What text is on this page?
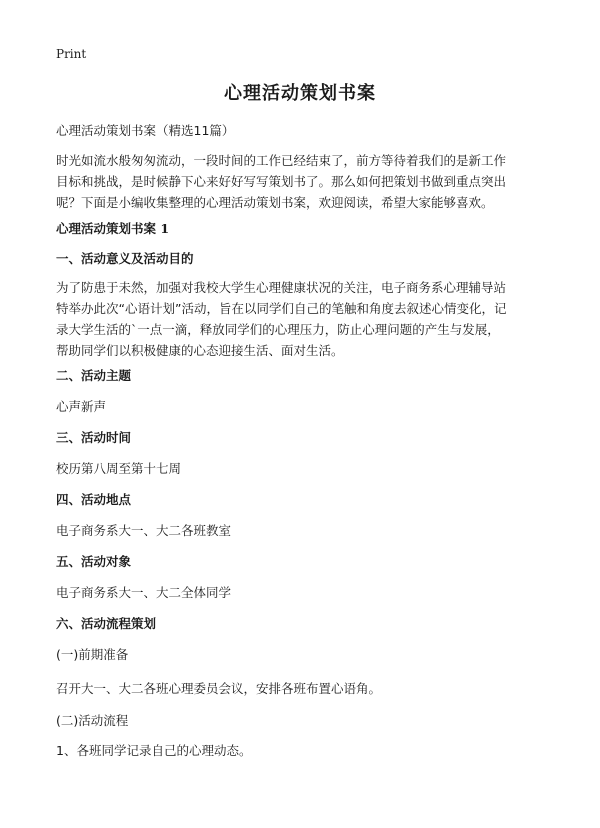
Print
心理活动策划书案

心理活动策划书案（精选11篇）

时光如流水般匆匆流动，一段时间的工作已经结束了，前方等待着我们的是新工作
目标和挑战，是时候静下心来好好写写策划书了。那么如何把策划书做到重点突出
呢？下面是小编收集整理的心理活动策划书案，欢迎阅读，希望大家能够喜欢。

心理活动策划书案 1
一、活动意义及活动目的

为了防患于未然，加强对我校大学生心理健康状况的关注，电子商务系心理辅导站
特举办此次“心语计划”活动，旨在以同学们自己的笔触和角度去叙述心情变化，记
录大学生活的`一点一滴，释放同学们的心理压力，防止心理问题的产生与发展，
帮助同学们以积极健康的心态迎接生活、面对生活。

二、活动主题

心声新声

三、活动时间

校历第八周至第十七周

四、活动地点

电子商务系大一、大二各班教室

五、活动对象

电子商务系大一、大二全体同学

六、活动流程策划

(一)前期准备

召开大一、大二各班心理委员会议，安排各班布置心语角。

(二)活动流程

1、各班同学记录自己的心理动态。
